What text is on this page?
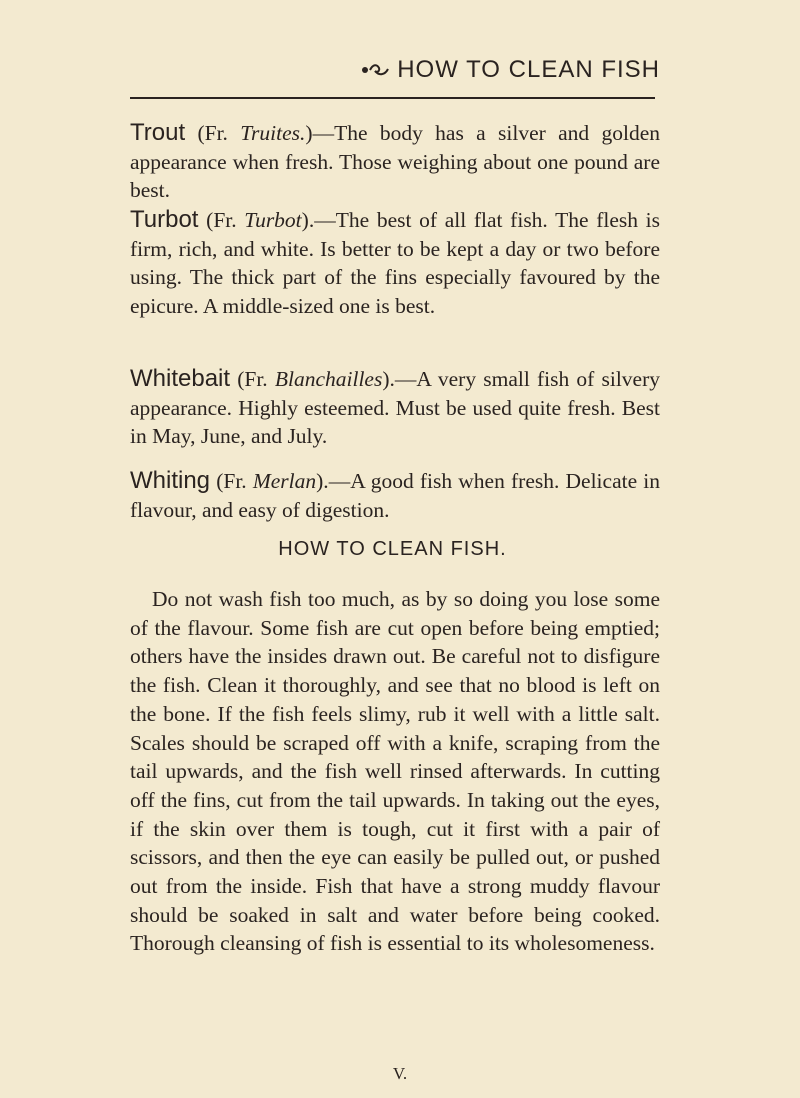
HOW TO CLEAN FISH

Trout (Fr. Truites.)—The body has a silver and golden appearance when fresh. Those weighing about one pound are best.

Turbot (Fr. Turbot).—The best of all flat fish. The flesh is firm, rich, and white. Is better to be kept a day or two before using. The thick part of the fins especially favoured by the epicure. A middle-sized one is best.

Whitebait (Fr. Blanchailles).—A very small fish of silvery appearance. Highly esteemed. Must be used quite fresh. Best in May, June, and July.

Whiting (Fr. Merlan).—A good fish when fresh. Delicate in flavour, and easy of digestion.

HOW TO CLEAN FISH.

Do not wash fish too much, as by so doing you lose some of the flavour. Some fish are cut open before being emptied; others have the insides drawn out. Be careful not to disfigure the fish. Clean it thoroughly, and see that no blood is left on the bone. If the fish feels slimy, rub it well with a little salt. Scales should be scraped off with a knife, scraping from the tail upwards, and the fish well rinsed afterwards. In cutting off the fins, cut from the tail upwards. In taking out the eyes, if the skin over them is tough, cut it first with a pair of scissors, and then the eye can easily be pulled out, or pushed out from the inside. Fish that have a strong muddy flavour should be soaked in salt and water before being cooked. Thorough cleansing of fish is essential to its wholesomeness.

V.
